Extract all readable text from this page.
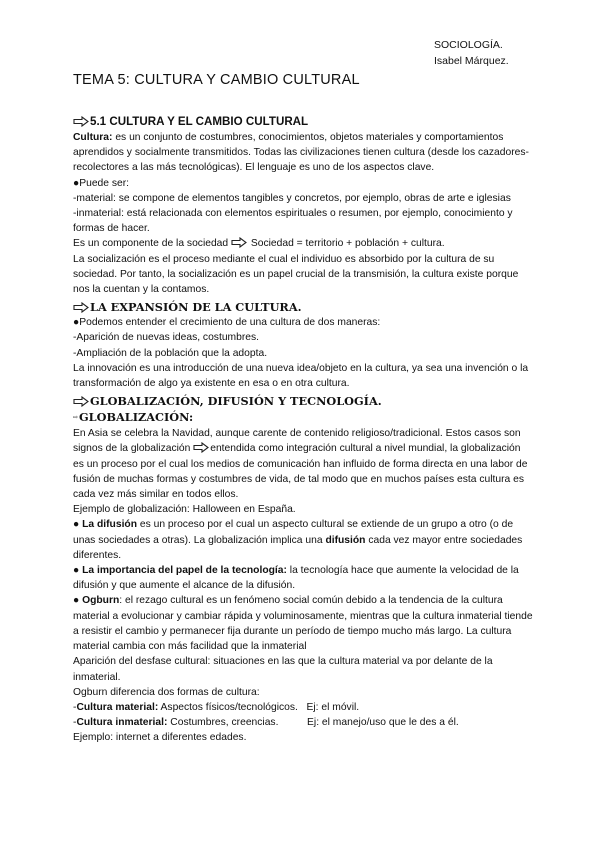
SOCIOLOGÍA.
Isabel Márquez.
TEMA 5: CULTURA Y CAMBIO CULTURAL

5.1 CULTURA Y EL CAMBIO CULTURAL

Cultura: es un conjunto de costumbres, conocimientos, objetos materiales y comportamientos aprendidos y socialmente transmitidos. Todas las civilizaciones tienen cultura (desde los cazadores-recolectores a las más tecnológicas). El lenguaje es uno de los aspectos clave.

●Puede ser:

-material: se compone de elementos tangibles y concretos, por ejemplo, obras de arte e iglesias

-inmaterial: está relacionada con elementos espirituales o resumen, por ejemplo, conocimiento y formas de hacer.

Es un componente de la sociedad
Sociedad = territorio + población + cultura.

La socialización es el proceso mediante el cual el individuo es absorbido por la cultura de su sociedad. Por tanto, la socialización es un papel crucial de la transmisión, la cultura existe porque nos la cuentan y la contamos.

LA EXPANSIÓN DE LA CULTURA.

●Podemos entender el crecimiento de una cultura de dos maneras:

-Aparición de nuevas ideas, costumbres.

-Ampliación de la población que la adopta.

La innovación es una introducción de una nueva idea/objeto en la cultura, ya sea una invención o la transformación de algo ya existente en esa o en otra cultura.

GLOBALIZACIÓN, DIFUSIÓN Y TECNOLOGÍA.

⇨GLOBALIZACIÓN:

En Asia se celebra la Navidad, aunque carente de contenido religioso/tradicional. Estos casos son signos de la globalización
entendida como integración cultural a nivel mundial, la globalización es un proceso por el cual los medios de comunicación han influido de forma directa en una labor de fusión de muchas formas y costumbres de vida, de tal modo que en muchos países esta cultura es cada vez más similar en todos ellos.

Ejemplo de globalización: Halloween en España.

● La difusión es un proceso por el cual un aspecto cultural se extiende de un grupo a otro (o de unas sociedades a otras). La globalización implica una difusión cada vez mayor entre sociedades diferentes.

● La importancia del papel de la tecnología: la tecnología hace que aumente la velocidad de la difusión y que aumente el alcance de la difusión.

● Ogburn: el rezago cultural es un fenómeno social común debido a la tendencia de la cultura material a evolucionar y cambiar rápida y voluminosamente, mientras que la cultura inmaterial tiende a resistir el cambio y permanecer fija durante un período de tiempo mucho más largo. La cultura material cambia con más facilidad que la inmaterial

Aparición del desfase cultural: situaciones en las que la cultura material va por delante de la inmaterial.

Ogburn diferencia dos formas de cultura:

-Cultura material: Aspectos físicos/tecnológicos.   Ej: el móvil.

-Cultura inmaterial: Costumbres, creencias.          Ej: el manejo/uso que le des a él.

Ejemplo: internet a diferentes edades.
